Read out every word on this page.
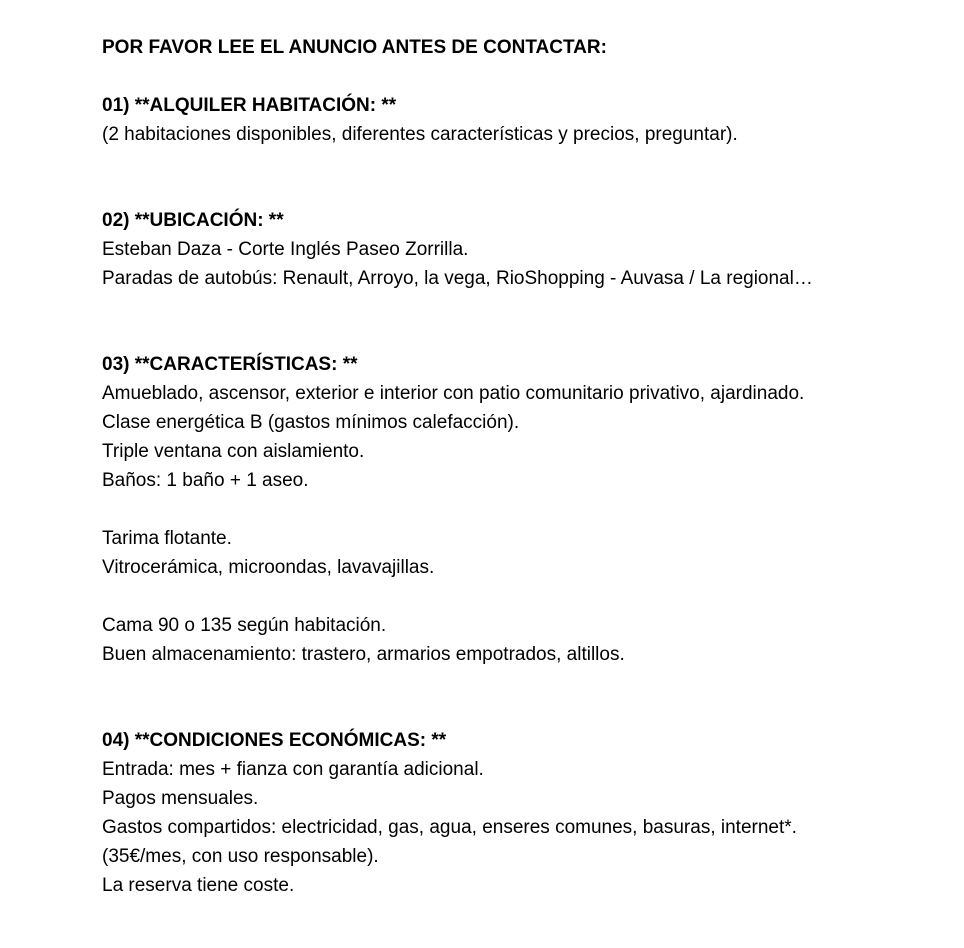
POR FAVOR LEE EL ANUNCIO ANTES DE CONTACTAR:
01) **ALQUILER HABITACIÓN: **
(2 habitaciones disponibles, diferentes características y precios, preguntar).
02) **UBICACIÓN: **
Esteban Daza - Corte Inglés Paseo Zorrilla.
Paradas de autobús: Renault, Arroyo, la vega, RioShopping - Auvasa / La regional…
03) **CARACTERÍSTICAS: **
Amueblado, ascensor, exterior e interior con patio comunitario privativo, ajardinado.
Clase energética B (gastos mínimos calefacción).
Triple ventana con aislamiento.
Baños: 1 baño + 1 aseo.
Tarima flotante.
Vitrocerámica, microondas, lavavajillas.
Cama 90 o 135 según habitación.
Buen almacenamiento: trastero, armarios empotrados, altillos.
04) **CONDICIONES ECONÓMICAS: **
Entrada: mes + fianza con garantía adicional.
Pagos mensuales.
Gastos compartidos: electricidad, gas, agua, enseres comunes, basuras, internet*.
(35€/mes, con uso responsable).
La reserva tiene coste.
